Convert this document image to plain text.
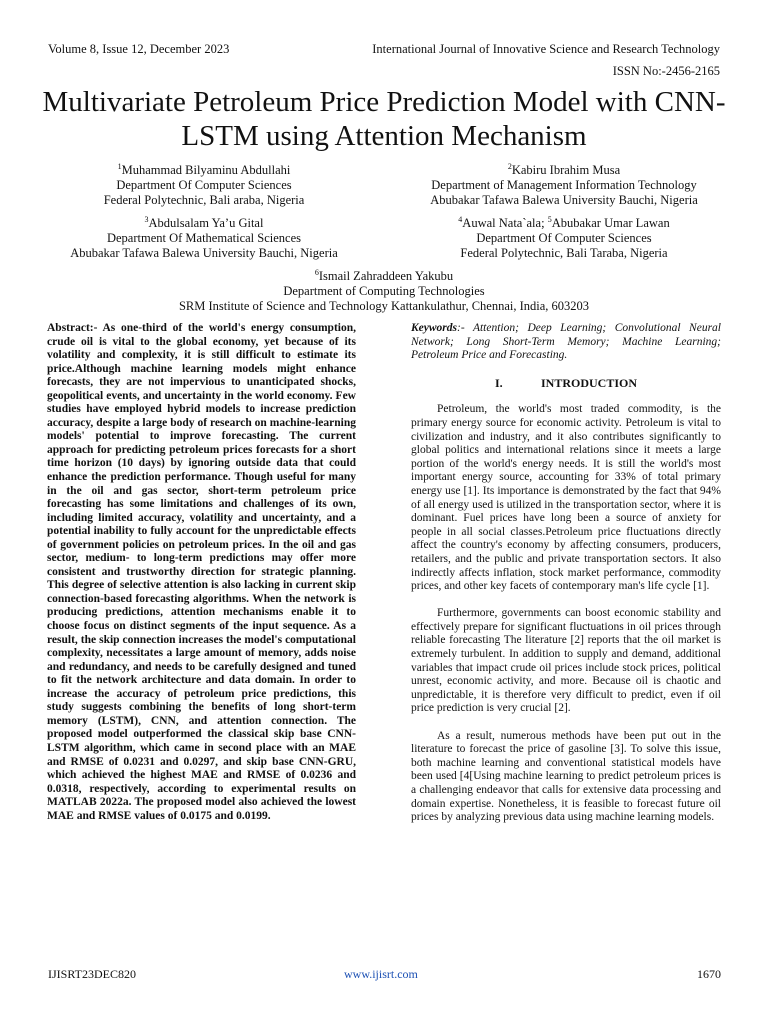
Volume 8, Issue 12, December 2023	International Journal of Innovative Science and Research Technology
ISSN No:-2456-2165
Multivariate Petroleum Price Prediction Model with CNN-LSTM using Attention Mechanism
$^1$Muhammad Bilyaminu Abdullahi
Department Of Computer Sciences
Federal Polytechnic, Bali araba, Nigeria
$^2$Kabiru Ibrahim Musa
Department of Management Information Technology
Abubakar Tafawa Balewa University Bauchi, Nigeria
$^3$Abdulsalam Ya’u Gital
Department Of Mathematical Sciences
Abubakar Tafawa Balewa University Bauchi, Nigeria
$^4$Auwal Nata`ala; $^5$Abubakar Umar Lawan
Department Of Computer Sciences
Federal Polytechnic, Bali Taraba, Nigeria
$^6$Ismail Zahraddeen Yakubu
Department of Computing Technologies
SRM Institute of Science and Technology Kattankulathur, Chennai, India, 603203
Abstract:- As one-third of the world's energy consumption, crude oil is vital to the global economy, yet because of its volatility and complexity, it is still difficult to estimate its price.Although machine learning models might enhance forecasts, they are not impervious to unanticipated shocks, geopolitical events, and uncertainty in the world economy. Few studies have employed hybrid models to increase prediction accuracy, despite a large body of research on machine-learning models' potential to improve forecasting. The current approach for predicting petroleum prices forecasts for a short time horizon (10 days) by ignoring outside data that could enhance the prediction performance. Though useful for many in the oil and gas sector, short-term petroleum price forecasting has some limitations and challenges of its own, including limited accuracy, volatility and uncertainty, and a potential inability to fully account for the unpredictable effects of government policies on petroleum prices. In the oil and gas sector, medium- to long-term predictions may offer more consistent and trustworthy direction for strategic planning. This degree of selective attention is also lacking in current skip connection-based forecasting algorithms. When the network is producing predictions, attention mechanisms enable it to choose focus on distinct segments of the input sequence. As a result, the skip connection increases the model's computational complexity, necessitates a large amount of memory, adds noise and redundancy, and needs to be carefully designed and tuned to fit the network architecture and data domain. In order to increase the accuracy of petroleum price predictions, this study suggests combining the benefits of long short-term memory (LSTM), CNN, and attention connection. The proposed model outperformed the classical skip base CNN-LSTM algorithm, which came in second place with an MAE and RMSE of 0.0231 and 0.0297, and skip base CNN-GRU, which achieved the highest MAE and RMSE of 0.0236 and 0.0318, respectively, according to experimental results on MATLAB 2022a. The proposed model also achieved the lowest MAE and RMSE values of 0.0175 and 0.0199.
Keywords:- Attention; Deep Learning; Convolutional Neural Network; Long Short-Term Memory; Machine Learning; Petroleum Price and Forecasting.
I.	INTRODUCTION

Petroleum, the world's most traded commodity, is the primary energy source for economic activity. Petroleum is vital to civilization and industry, and it also contributes significantly to global politics and international relations since it meets a large portion of the world's energy needs. It is still the world's most important energy source, accounting for 33% of total primary energy use [1]. Its importance is demonstrated by the fact that 94% of all energy used is utilized in the transportation sector, where it is dominant. Fuel prices have long been a source of anxiety for people in all social classes.Petroleum price fluctuations directly affect the country's economy by affecting consumers, producers, retailers, and the public and private transportation sectors. It also indirectly affects inflation, stock market performance, commodity prices, and other key facets of contemporary man's life cycle [1].

Furthermore, governments can boost economic stability and effectively prepare for significant fluctuations in oil prices through reliable forecasting The literature [2] reports that the oil market is extremely turbulent. In addition to supply and demand, additional variables that impact crude oil prices include stock prices, political unrest, economic activity, and more. Because oil is chaotic and unpredictable, it is therefore very difficult to predict, even if oil price prediction is very crucial [2].

As a result, numerous methods have been put out in the literature to forecast the price of gasoline [3]. To solve this issue, both machine learning and conventional statistical models have been used [4[Using machine learning to predict petroleum prices is a challenging endeavor that calls for extensive data processing and domain expertise. Nonetheless, it is feasible to forecast future oil prices by analyzing previous data using machine learning models.

IJISRT23DEC820	www.ijisrt.com	1670
